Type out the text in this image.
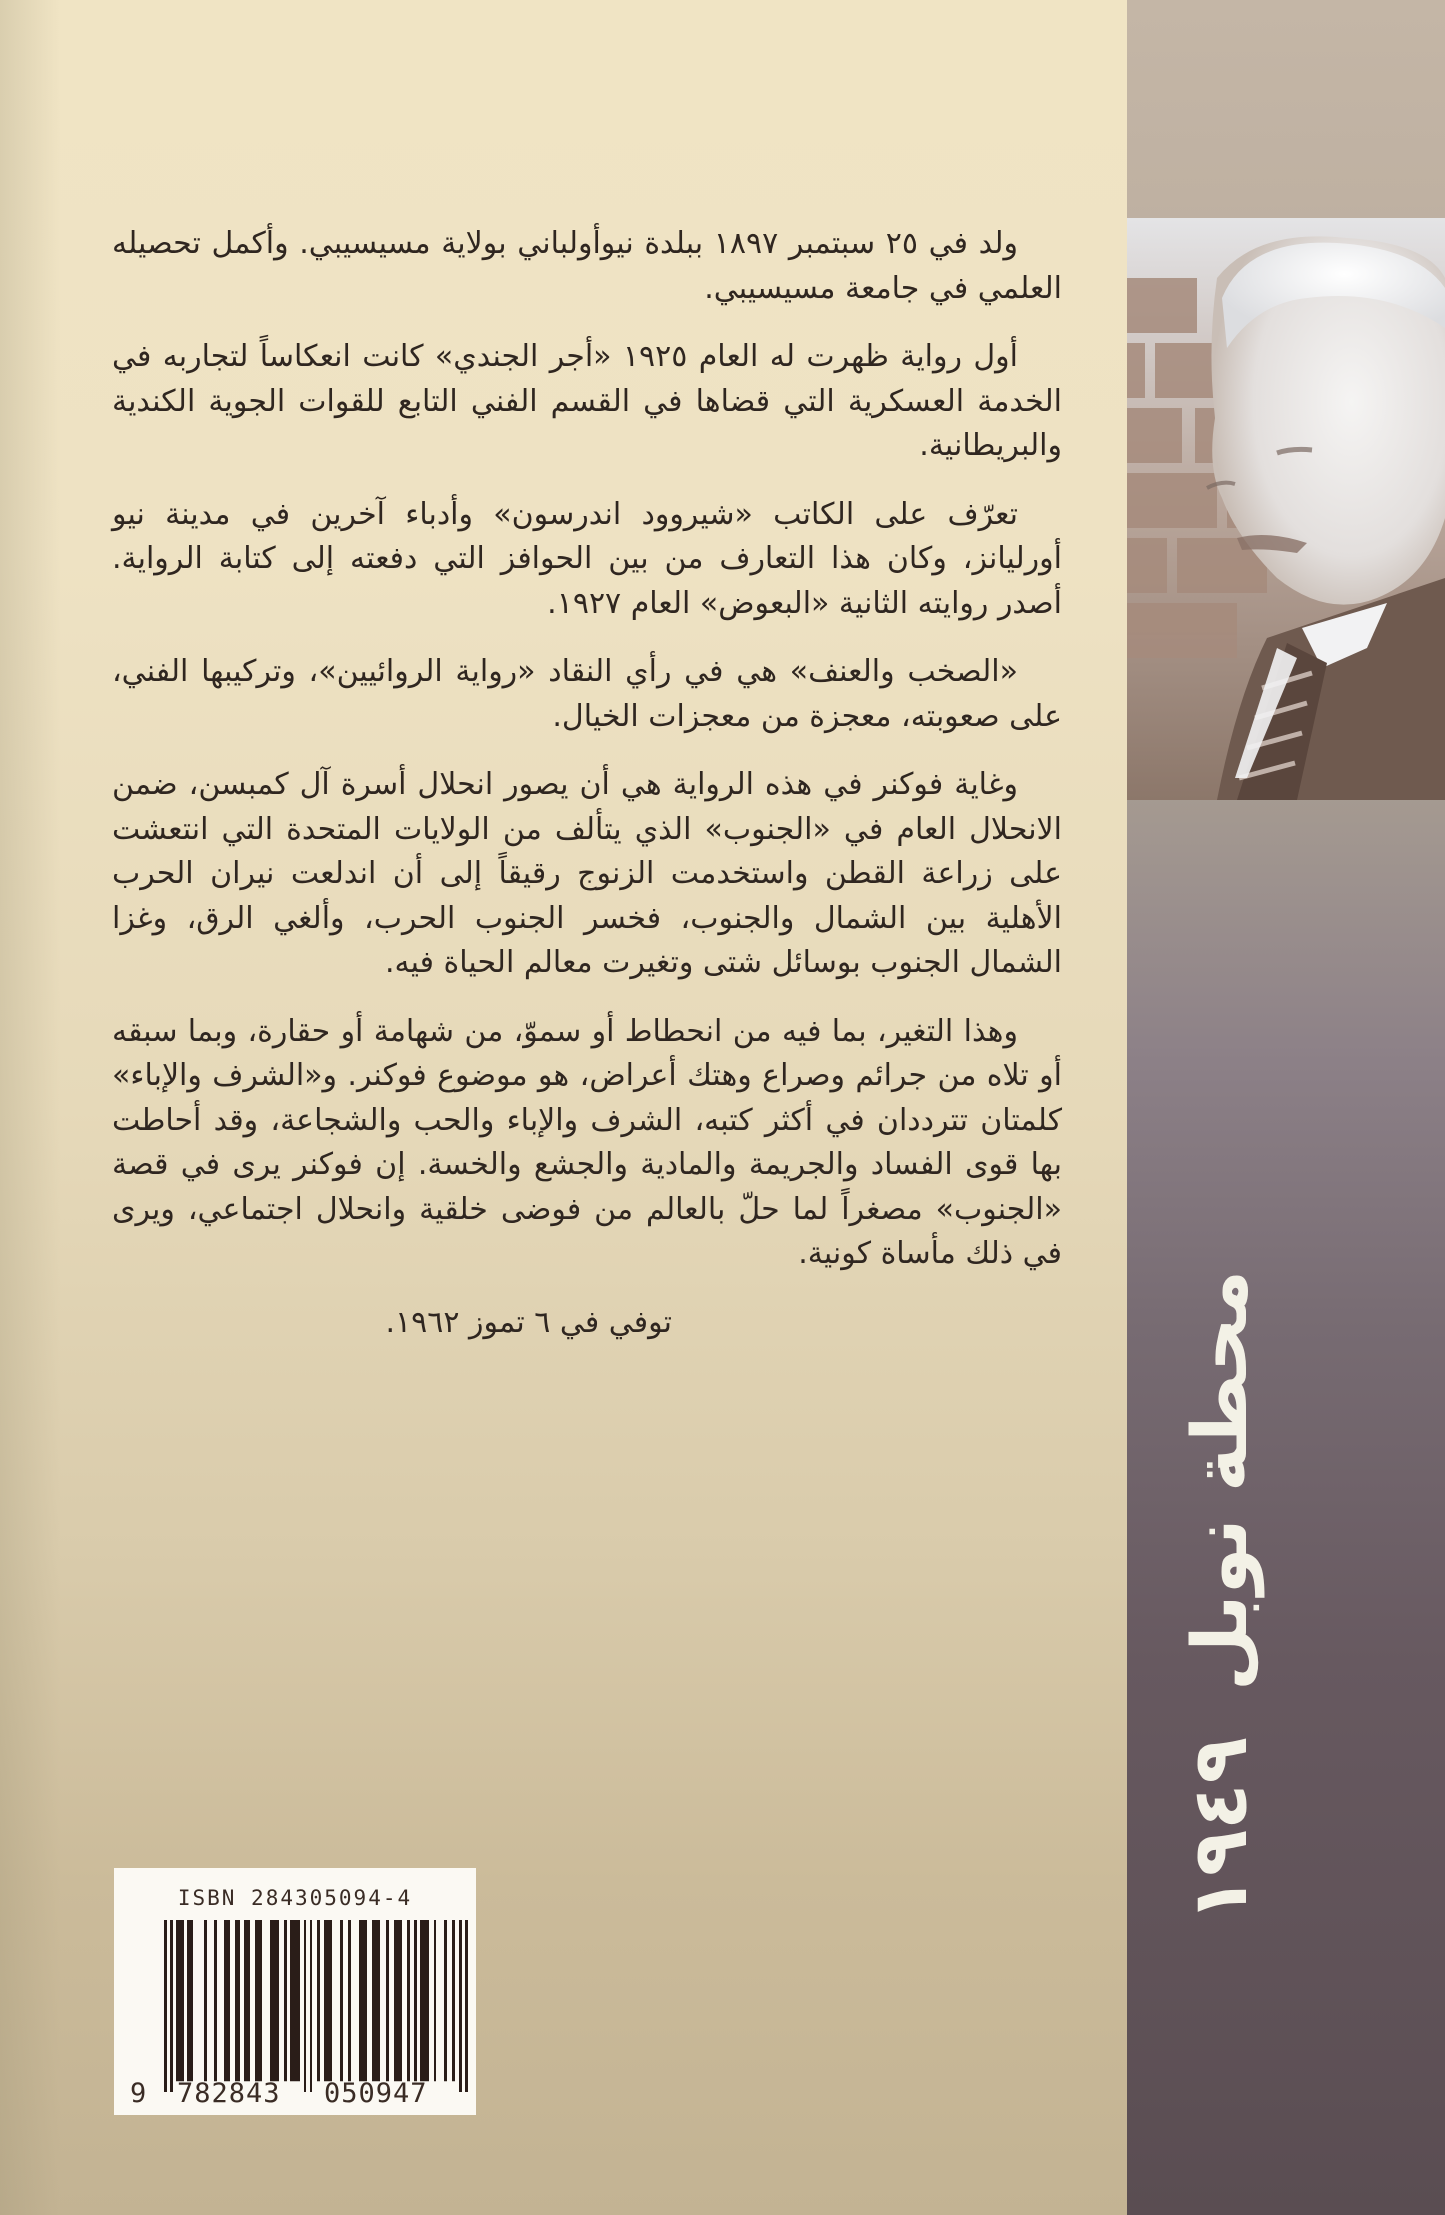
ولد في ٢٥ سبتمبر ١٨٩٧ ببلدة نيوأولباني بولاية مسيسيبي. وأكمل تحصيله العلمي في جامعة مسيسيبي.

أول رواية ظهرت له العام ١٩٢٥ «أجر الجندي» كانت انعكاساً لتجاربه في الخدمة العسكرية التي قضاها في القسم الفني التابع للقوات الجوية الكندية والبريطانية.

تعرّف على الكاتب «شيروود اندرسون» وأدباء آخرين في مدينة نيو أورليانز، وكان هذا التعارف من بين الحوافز التي دفعته إلى كتابة الرواية. أصدر روايته الثانية «البعوض» العام ١٩٢٧.

«الصخب والعنف» هي في رأي النقاد «رواية الروائيين»، وتركيبها الفني، على صعوبته، معجزة من معجزات الخيال.

وغاية فوكنر في هذه الرواية هي أن يصور انحلال أسرة آل كمبسن، ضمن الانحلال العام في «الجنوب» الذي يتألف من الولايات المتحدة التي انتعشت على زراعة القطن واستخدمت الزنوج رقيقاً إلى أن اندلعت نيران الحرب الأهلية بين الشمال والجنوب، فخسر الجنوب الحرب، وألغي الرق، وغزا الشمال الجنوب بوسائل شتى وتغيرت معالم الحياة فيه.

وهذا التغير، بما فيه من انحطاط أو سموّ، من شهامة أو حقارة، وبما سبقه أو تلاه من جرائم وصراع وهتك أعراض، هو موضوع فوكنر. و«الشرف والإباء» كلمتان تترددان في أكثر كتبه، الشرف والإباء والحب والشجاعة، وقد أحاطت بها قوى الفساد والجريمة والمادية والجشع والخسة. إن فوكنر يرى في قصة «الجنوب» مصغراً لما حلّ بالعالم من فوضى خلقية وانحلال اجتماعي، ويرى في ذلك مأساة كونية.

توفي في ٦ تموز ١٩٦٢.

ISBN 284305094-4
9 782843 050947
محطة نوبل١٩٤٩
